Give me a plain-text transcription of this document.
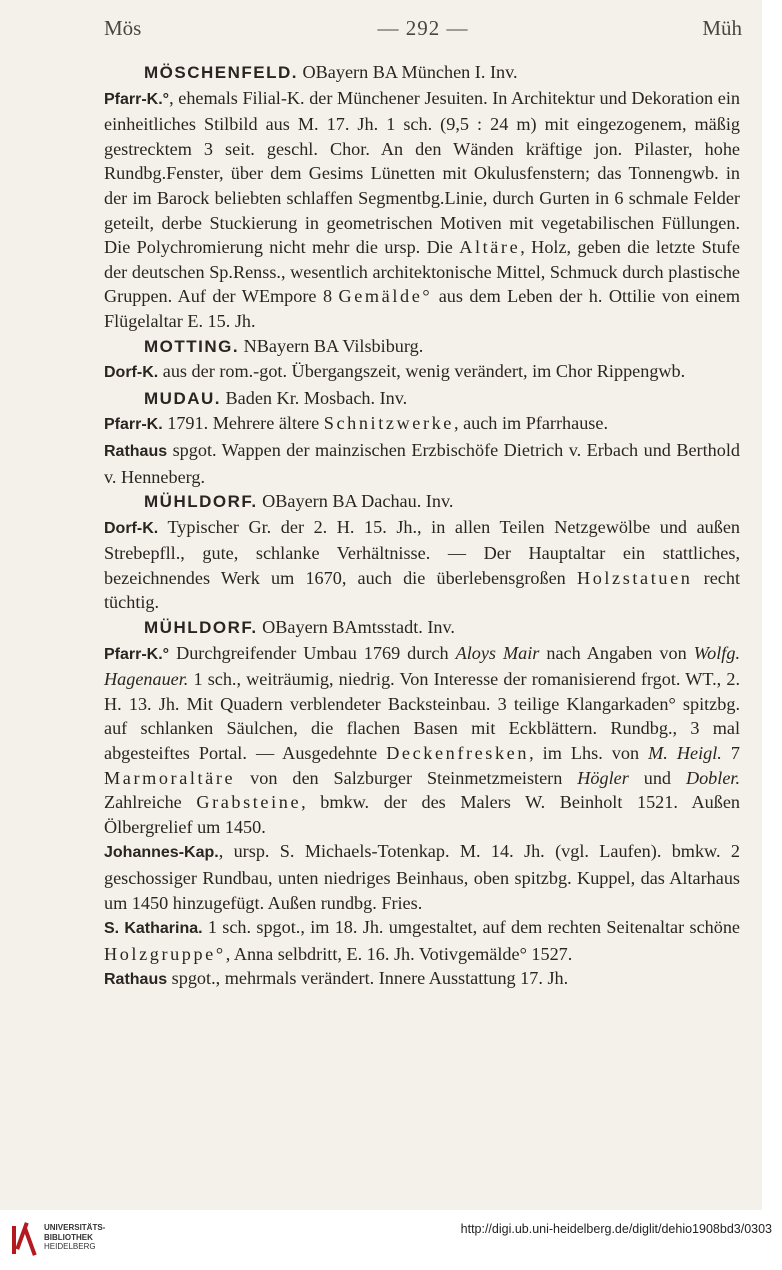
Mös	— 292 —	Müh

MÖSCHENFELD. OBayern BA München I. Inv.
Pfarr-K.°, ehemals Filial-K. der Münchener Jesuiten. In Architektur und Dekoration ein einheitliches Stilbild aus M. 17. Jh. 1 sch. (9,5 : 24 m) mit eingezogenem, mäßig gestrecktem 3 seit. geschl. Chor. An den Wänden kräftige jon. Pilaster, hohe Rundbg.Fenster, über dem Gesims Lünetten mit Okulusfenstern; das Tonnengwb. in der im Barock beliebten schlaffen Segmentbg.Linie, durch Gurten in 6 schmale Felder geteilt, derbe Stuckierung in geometrischen Motiven mit vegetabilischen Füllungen. Die Polychromierung nicht mehr die ursp. Die Altäre, Holz, geben die letzte Stufe der deutschen Sp.Renss., wesentlich architektonische Mittel, Schmuck durch plastische Gruppen. Auf der WEmpore 8 Gemälde° aus dem Leben der h. Ottilie von einem Flügelaltar E. 15. Jh.

MOTTING. NBayern BA Vilsbiburg.
Dorf-K. aus der rom.-got. Übergangszeit, wenig verändert, im Chor Rippengwb.

MUDAU. Baden Kr. Mosbach. Inv.
Pfarr-K. 1791. Mehrere ältere Schnitzwerke, auch im Pfarrhause.
Rathaus spgot. Wappen der mainzischen Erzbischöfe Dietrich v. Erbach und Berthold v. Henneberg.

MÜHLDORF. OBayern BA Dachau. Inv.
Dorf-K. Typischer Gr. der 2. H. 15. Jh., in allen Teilen Netzgewölbe und außen Strebepfll., gute, schlanke Verhältnisse. — Der Hauptaltar ein stattliches, bezeichnendes Werk um 1670, auch die überlebensgroßen Holzstatuen recht tüchtig.

MÜHLDORF. OBayern BAmtsstadt. Inv.
Pfarr-K.° Durchgreifender Umbau 1769 durch Aloys Mair nach Angaben von Wolfg. Hagenauer. 1 sch., weiträumig, niedrig. Von Interesse der romanisierend frgot. WT., 2. H. 13. Jh. Mit Quadern verblendeter Backsteinbau. 3 teilige Klangarkaden° spitzbg. auf schlanken Säulchen, die flachen Basen mit Eckblättern. Rundbg., 3 mal abgesteiftes Portal. — Ausgedehnte Deckenfresken, im Lhs. von M. Heigl. 7 Marmoraltäre von den Salzburger Steinmetzmeistern Högler und Dobler. Zahlreiche Grabsteine, bmkw. der des Malers W. Beinholt 1521. Außen Ölbergrelief um 1450.
Johannes-Kap., ursp. S. Michaels-Totenkap. M. 14. Jh. (vgl. Laufen). bmkw. 2 geschossiger Rundbau, unten niedriges Beinhaus, oben spitzbg. Kuppel, das Altarhaus um 1450 hinzugefügt. Außen rundbg. Fries.
S. Katharina. 1 sch. spgot., im 18. Jh. umgestaltet, auf dem rechten Seitenaltar schöne Holzgruppe°, Anna selbdritt, E. 16. Jh. Votivgemälde° 1527.
Rathaus spgot., mehrmals verändert. Innere Ausstattung 17. Jh.

UNIVERSITÄTS-
BIBLIOTHEK
HEIDELBERG
http://digi.ub.uni-heidelberg.de/diglit/dehio1908bd3/0303
